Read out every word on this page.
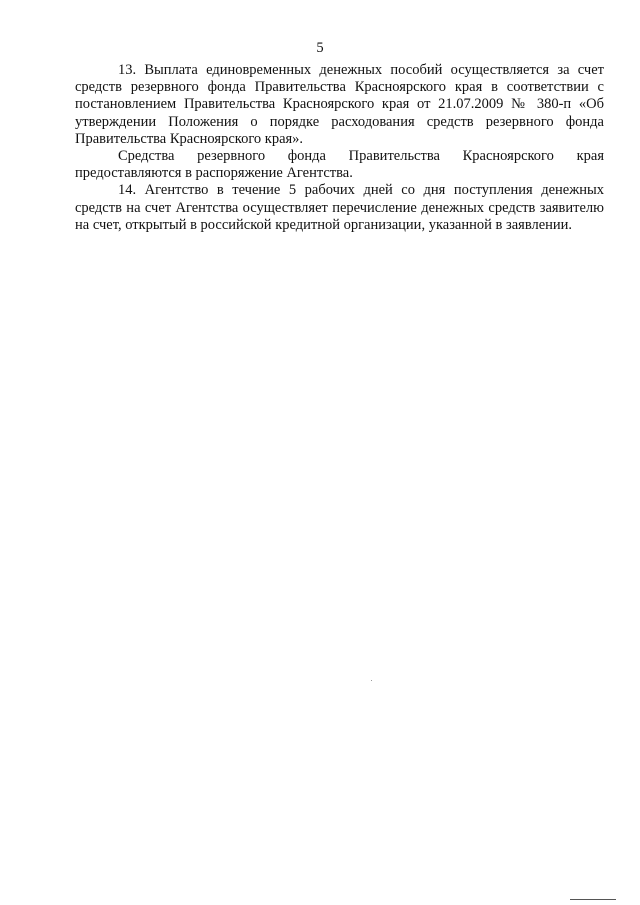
5

13. Выплата единовременных денежных пособий осуществляется за счет средств резервного фонда Правительства Красноярского края в соответствии с постановлением Правительства Красноярского края от 21.07.2009 № 380-п «Об утверждении Положения о порядке расходования средств резервного фонда Правительства Красноярского края».

Средства резервного фонда Правительства Красноярского края предоставляются в распоряжение Агентства.

14. Агентство в течение 5 рабочих дней со дня поступления денежных средств на счет Агентства осуществляет перечисление денежных средств заявителю на счет, открытый в российской кредитной организации, указанной в заявлении.
